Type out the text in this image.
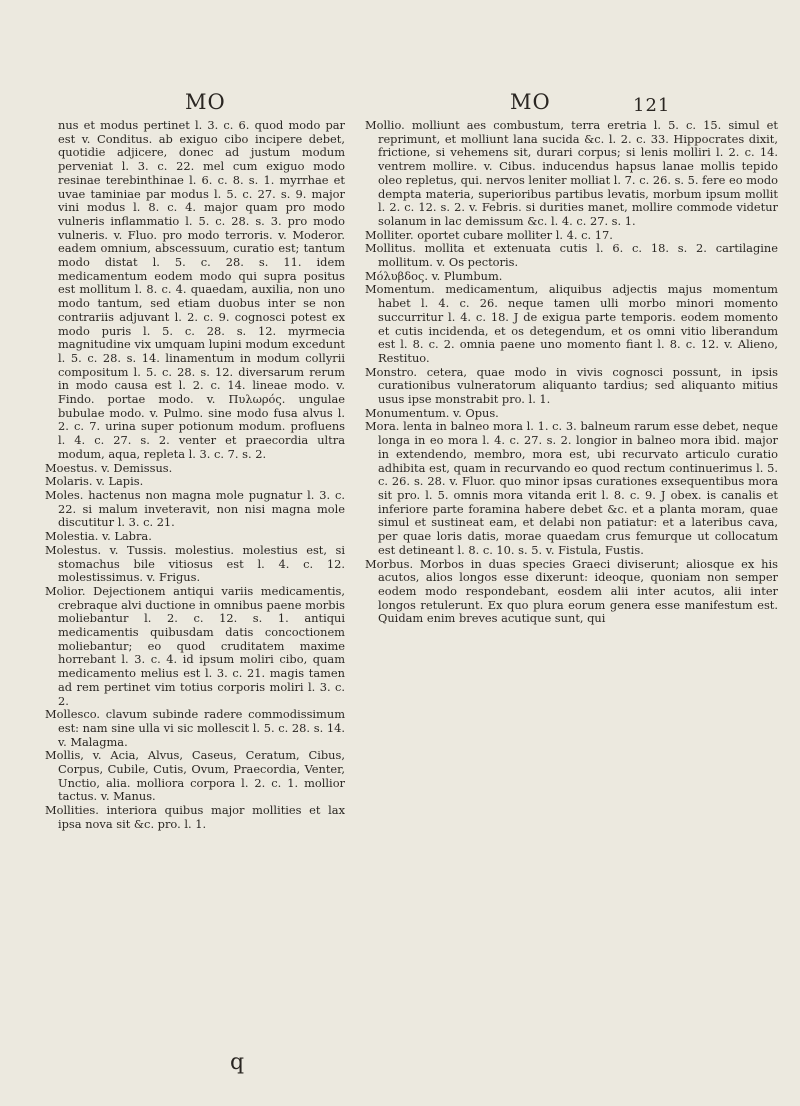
MO	MO	121

nus et modus pertinet l. 3. c. 6. quod modo par est v. Conditus. ab exiguo cibo incipere debet, quotidie adjicere, donec ad justum modum perveniat l. 3. c. 22. mel cum exiguo modo resinae terebinthinae l. 6. c. 8. s. 1. myrrhae et uvae taminiae par modus l. 5. c. 27. s. 9. major vini modus l. 8. c. 4. major quam pro modo vulneris inflammatio l. 5. c. 28. s. 3. pro modo vulneris. v. Fluo. pro modo terroris. v. Moderor. eadem omnium, abscessuum, curatio est; tantum modo distat l. 5. c. 28. s. 11. idem medicamentum eodem modo qui supra positus est mollitum l. 8. c. 4. quaedam, auxilia, non uno modo tantum, sed etiam duobus inter se non contrariis adjuvant l. 2. c. 9. cognosci potest ex modo puris l. 5. c. 28. s. 12. myrmecia magnitudine vix umquam lupini modum excedunt l. 5. c. 28. s. 14. linamentum in modum collyrii compositum l. 5. c. 28. s. 12. diversarum rerum in modo causa est l. 2. c. 14. lineae modo. v. Findo. portae modo. v. Πυλωρός. ungulae bubulae modo. v. Pulmo. sine modo fusa alvus l. 2. c. 7. urina super potionum modum. profluens l. 4. c. 27. s. 2. venter et praecordia ultra modum, aqua, repleta l. 3. c. 7. s. 2.

Moestus. v. Demissus.

Molaris. v. Lapis.

Moles. hactenus non magna mole pugnatur l. 3. c. 22. si malum inveteravit, non nisi magna mole discutitur l. 3. c. 21.

Molestia. v. Labra.

Molestus. v. Tussis. molestius. molestius est, si stomachus bile vitiosus est l. 4. c. 12. molestissimus. v. Frigus.

Molior. Dejectionem antiqui variis medicamentis, crebraque alvi ductione in omnibus paene morbis moliebantur l. 2. c. 12. s. 1. antiqui medicamentis quibusdam datis concoctionem moliebantur; eo quod cruditatem maxime horrebant l. 3. c. 4. id ipsum moliri cibo, quam medicamento melius est l. 3. c. 21. magis tamen ad rem pertinet vim totius corporis moliri l. 3. c. 2.

Mollesco. clavum subinde radere commodissimum est: nam sine ulla vi sic mollescit l. 5. c. 28. s. 14. v. Malagma.

Mollis, v. Acia, Alvus, Caseus, Ceratum, Cibus, Corpus, Cubile, Cutis, Ovum, Praecordia, Venter, Unctio, alia. molliora corpora l. 2. c. 1. mollior tactus. v. Manus.

Mollities. interiora quibus major mollities et lax ipsa nova sit &c. pro. l. 1.

Mollio. molliunt aes combustum, terra eretria l. 5. c. 15. simul et reprimunt, et molliunt lana sucida &c. l. 2. c. 33. Hippocrates dixit, frictione, si vehemens sit, durari corpus; si lenis molliri l. 2. c. 14. ventrem mollire. v. Cibus. inducendus hapsus lanae mollis tepido oleo repletus, qui. nervos leniter molliat l. 7. c. 26. s. 5. fere eo modo dempta materia, superioribus partibus levatis, morbum ipsum mollit l. 2. c. 12. s. 2. v. Febris. si durities manet, mollire commode videtur solanum in lac demissum &c. l. 4. c. 27. s. 1.

Molliter. oportet cubare molliter l. 4. c. 17.

Mollitus. mollita et extenuata cutis l. 6. c. 18. s. 2. cartilagine mollitum. v. Os pectoris.

Μόλυβδος. v. Plumbum.

Momentum. medicamentum, aliquibus adjectis majus momentum habet l. 4. c. 26. neque tamen ulli morbo minori momento succurritur l. 4. c. 18. J de exigua parte temporis. eodem momento et cutis incidenda, et os detegendum, et os omni vitio liberandum est l. 8. c. 2. omnia paene uno momento fiant l. 8. c. 12. v. Alieno, Restituo.

Monstro. cetera, quae modo in vivis cognosci possunt, in ipsis curationibus vulneratorum aliquanto tardius; sed aliquanto mitius usus ipse monstrabit pro. l. 1.

Monumentum. v. Opus.

Mora. lenta in balneo mora l. 1. c. 3. balneum rarum esse debet, neque longa in eo mora l. 4. c. 27. s. 2. longior in balneo mora ibid. major in extendendo, membro, mora est, ubi recurvato articulo curatio adhibita est, quam in recurvando eo quod rectum continuerimus l. 5. c. 26. s. 28. v. Fluor. quo minor ipsas curationes exsequentibus mora sit pro. l. 5. omnis mora vitanda erit l. 8. c. 9. J obex. is canalis et inferiore parte foramina habere debet &c. et a planta moram, quae simul et sustineat eam, et delabi non patiatur: et a lateribus cava, per quae loris datis, morae quaedam crus femurque ut collocatum est detineant l. 8. c. 10. s. 5. v. Fistula, Fustis.

Morbus. Morbos in duas species Graeci diviserunt; aliosque ex his acutos, alios longos esse dixerunt: ideoque, quoniam non semper eodem modo respondebant, eosdem alii inter acutos, alii inter longos retulerunt. Ex quo plura eorum genera esse manifestum est. Quidam enim breves acutique sunt, qui

q
